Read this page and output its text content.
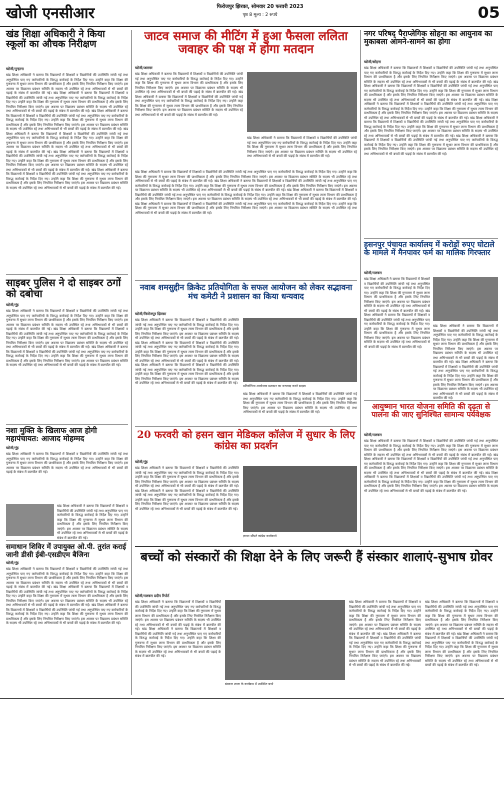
खोजी एनसीआर	फिरोजपुर झिरका, सोमवार 20 फरवरी 2023
पृष्ठ 8 मूल्य : 2 रुपये	05
खंड शिक्षा अधिकारी ने किया स्कूलों का औचक निरीक्षण
खोजी/पुन्हाना
खंड शिक्षा अधिकारी ने बताया कि विद्यालयों में शिक्षकों व विद्यार्थियों की उपस्थिति जांची गई तथा अनुपस्थित पाए गए कर्मचारियों के विरुद्ध कार्रवाई के निर्देश दिए गए। उन्होंने कहा कि शिक्षा की गुणवत्ता में सुधार लाना विभाग की प्राथमिकता है और इसके लिए नियमित निरीक्षण किए जाएंगे। इस अवसर पर विद्यालय प्रबंधन समिति के सदस्य भी उपस्थित रहे तथा अभिभावकों से भी बच्चों की पढ़ाई के संबंध में बातचीत की गई। खंड शिक्षा अधिकारी ने बताया कि विद्यालयों में शिक्षकों व विद्यार्थियों की उपस्थिति जांची गई तथा अनुपस्थित पाए गए कर्मचारियों के विरुद्ध कार्रवाई के निर्देश दिए गए। उन्होंने कहा कि शिक्षा की गुणवत्ता में सुधार लाना विभाग की प्राथमिकता है और इसके लिए नियमित निरीक्षण किए जाएंगे। इस अवसर पर विद्यालय प्रबंधन समिति के सदस्य भी उपस्थित रहे तथा अभिभावकों से भी बच्चों की पढ़ाई के संबंध में बातचीत की गई। खंड शिक्षा अधिकारी ने बताया कि विद्यालयों में शिक्षकों व विद्यार्थियों की उपस्थिति जांची गई तथा अनुपस्थित पाए गए कर्मचारियों के विरुद्ध कार्रवाई के निर्देश दिए गए। उन्होंने कहा कि शिक्षा की गुणवत्ता में सुधार लाना विभाग की प्राथमिकता है और इसके लिए नियमित निरीक्षण किए जाएंगे। इस अवसर पर विद्यालय प्रबंधन समिति के सदस्य भी उपस्थित रहे तथा अभिभावकों से भी बच्चों की पढ़ाई के संबंध में बातचीत की गई। खंड शिक्षा अधिकारी ने बताया कि विद्यालयों में शिक्षकों व विद्यार्थियों की उपस्थिति जांची गई तथा अनुपस्थित पाए गए कर्मचारियों के विरुद्ध कार्रवाई के निर्देश दिए गए। उन्होंने कहा कि शिक्षा की गुणवत्ता में सुधार लाना विभाग की प्राथमिकता है और इसके लिए नियमित निरीक्षण किए जाएंगे। इस अवसर पर विद्यालय प्रबंधन समिति के सदस्य भी उपस्थित रहे तथा अभिभावकों से भी बच्चों की पढ़ाई के संबंध में बातचीत की गई। खंड शिक्षा अधिकारी ने बताया कि विद्यालयों में शिक्षकों व विद्यार्थियों की उपस्थिति जांची गई तथा अनुपस्थित पाए गए कर्मचारियों के विरुद्ध कार्रवाई के निर्देश दिए गए। उन्होंने कहा कि शिक्षा की गुणवत्ता में सुधार लाना विभाग की प्राथमिकता है और इसके लिए नियमित निरीक्षण किए जाएंगे। इस अवसर पर विद्यालय प्रबंधन समिति के सदस्य भी उपस्थित रहे तथा अभिभावकों से भी बच्चों की पढ़ाई के संबंध में बातचीत की गई। खंड शिक्षा अधिकारी ने बताया कि विद्यालयों में शिक्षकों व विद्यार्थियों की उपस्थिति जांची गई तथा अनुपस्थित पाए गए कर्मचारियों के विरुद्ध कार्रवाई के निर्देश दिए गए। उन्होंने कहा कि शिक्षा की गुणवत्ता में सुधार लाना विभाग की प्राथमिकता है और इसके लिए नियमित निरीक्षण किए जाएंगे। इस अवसर पर विद्यालय प्रबंधन समिति के सदस्य भी उपस्थित रहे तथा अभिभावकों से भी बच्चों की पढ़ाई के संबंध में बातचीत की गई।
साइबर पुलिस ने दो साइबर ठगों को दबोचा
खोजी/नूंह
खंड शिक्षा अधिकारी ने बताया कि विद्यालयों में शिक्षकों व विद्यार्थियों की उपस्थिति जांची गई तथा अनुपस्थित पाए गए कर्मचारियों के विरुद्ध कार्रवाई के निर्देश दिए गए। उन्होंने कहा कि शिक्षा की गुणवत्ता में सुधार लाना विभाग की प्राथमिकता है और इसके लिए नियमित निरीक्षण किए जाएंगे। इस अवसर पर विद्यालय प्रबंधन समिति के सदस्य भी उपस्थित रहे तथा अभिभावकों से भी बच्चों की पढ़ाई के संबंध में बातचीत की गई। खंड शिक्षा अधिकारी ने बताया कि विद्यालयों में शिक्षकों व विद्यार्थियों की उपस्थिति जांची गई तथा अनुपस्थित पाए गए कर्मचारियों के विरुद्ध कार्रवाई के निर्देश दिए गए। उन्होंने कहा कि शिक्षा की गुणवत्ता में सुधार लाना विभाग की प्राथमिकता है और इसके लिए नियमित निरीक्षण किए जाएंगे। इस अवसर पर विद्यालय प्रबंधन समिति के सदस्य भी उपस्थित रहे तथा अभिभावकों से भी बच्चों की पढ़ाई के संबंध में बातचीत की गई। खंड शिक्षा अधिकारी ने बताया कि विद्यालयों में शिक्षकों व विद्यार्थियों की उपस्थिति जांची गई तथा अनुपस्थित पाए गए कर्मचारियों के विरुद्ध कार्रवाई के निर्देश दिए गए। उन्होंने कहा कि शिक्षा की गुणवत्ता में सुधार लाना विभाग की प्राथमिकता है और इसके लिए नियमित निरीक्षण किए जाएंगे। इस अवसर पर विद्यालय प्रबंधन समिति के सदस्य भी उपस्थित रहे तथा अभिभावकों से भी बच्चों की पढ़ाई के संबंध में बातचीत की गई।
नशा मुक्ति के खिलाफ आज होगी महापंचायत: आजाद मोहम्मद
खोजी/नूंह
खंड शिक्षा अधिकारी ने बताया कि विद्यालयों में शिक्षकों व विद्यार्थियों की उपस्थिति जांची गई तथा अनुपस्थित पाए गए कर्मचारियों के विरुद्ध कार्रवाई के निर्देश दिए गए। उन्होंने कहा कि शिक्षा की गुणवत्ता में सुधार लाना विभाग की प्राथमिकता है और इसके लिए नियमित निरीक्षण किए जाएंगे। इस अवसर पर विद्यालय प्रबंधन समिति के सदस्य भी उपस्थित रहे तथा अभिभावकों से भी बच्चों की पढ़ाई के संबंध में बातचीत की गई।
खंड शिक्षा अधिकारी ने बताया कि विद्यालयों में शिक्षकों व विद्यार्थियों की उपस्थिति जांची गई तथा अनुपस्थित पाए गए कर्मचारियों के विरुद्ध कार्रवाई के निर्देश दिए गए। उन्होंने कहा कि शिक्षा की गुणवत्ता में सुधार लाना विभाग की प्राथमिकता है और इसके लिए नियमित निरीक्षण किए जाएंगे। इस अवसर पर विद्यालय प्रबंधन समिति के सदस्य भी उपस्थित रहे तथा अभिभावकों से भी बच्चों की पढ़ाई के संबंध में बातचीत की गई।
समाधान शिविर में उपायुक्त ओ.पी. तुरांत कराई जानी डीसी ईबी-एसडीएम बैजिना
खोजी/नूंह
खंड शिक्षा अधिकारी ने बताया कि विद्यालयों में शिक्षकों व विद्यार्थियों की उपस्थिति जांची गई तथा अनुपस्थित पाए गए कर्मचारियों के विरुद्ध कार्रवाई के निर्देश दिए गए। उन्होंने कहा कि शिक्षा की गुणवत्ता में सुधार लाना विभाग की प्राथमिकता है और इसके लिए नियमित निरीक्षण किए जाएंगे। इस अवसर पर विद्यालय प्रबंधन समिति के सदस्य भी उपस्थित रहे तथा अभिभावकों से भी बच्चों की पढ़ाई के संबंध में बातचीत की गई। खंड शिक्षा अधिकारी ने बताया कि विद्यालयों में शिक्षकों व विद्यार्थियों की उपस्थिति जांची गई तथा अनुपस्थित पाए गए कर्मचारियों के विरुद्ध कार्रवाई के निर्देश दिए गए। उन्होंने कहा कि शिक्षा की गुणवत्ता में सुधार लाना विभाग की प्राथमिकता है और इसके लिए नियमित निरीक्षण किए जाएंगे। इस अवसर पर विद्यालय प्रबंधन समिति के सदस्य भी उपस्थित रहे तथा अभिभावकों से भी बच्चों की पढ़ाई के संबंध में बातचीत की गई। खंड शिक्षा अधिकारी ने बताया कि विद्यालयों में शिक्षकों व विद्यार्थियों की उपस्थिति जांची गई तथा अनुपस्थित पाए गए कर्मचारियों के विरुद्ध कार्रवाई के निर्देश दिए गए। उन्होंने कहा कि शिक्षा की गुणवत्ता में सुधार लाना विभाग की प्राथमिकता है और इसके लिए नियमित निरीक्षण किए जाएंगे। इस अवसर पर विद्यालय प्रबंधन समिति के सदस्य भी उपस्थित रहे तथा अभिभावकों से भी बच्चों की पढ़ाई के संबंध में बातचीत की गई।
जाटव समाज की मीटिंग में हुआ फैसला ललिता जवाहर की पक्ष में होगा मतदान
खोजी/अलवर
खंड शिक्षा अधिकारी ने बताया कि विद्यालयों में शिक्षकों व विद्यार्थियों की उपस्थिति जांची गई तथा अनुपस्थित पाए गए कर्मचारियों के विरुद्ध कार्रवाई के निर्देश दिए गए। उन्होंने कहा कि शिक्षा की गुणवत्ता में सुधार लाना विभाग की प्राथमिकता है और इसके लिए नियमित निरीक्षण किए जाएंगे। इस अवसर पर विद्यालय प्रबंधन समिति के सदस्य भी उपस्थित रहे तथा अभिभावकों से भी बच्चों की पढ़ाई के संबंध में बातचीत की गई। खंड शिक्षा अधिकारी ने बताया कि विद्यालयों में शिक्षकों व विद्यार्थियों की उपस्थिति जांची गई तथा अनुपस्थित पाए गए कर्मचारियों के विरुद्ध कार्रवाई के निर्देश दिए गए। उन्होंने कहा कि शिक्षा की गुणवत्ता में सुधार लाना विभाग की प्राथमिकता है और इसके लिए नियमित निरीक्षण किए जाएंगे। इस अवसर पर विद्यालय प्रबंधन समिति के सदस्य भी उपस्थित रहे तथा अभिभावकों से भी बच्चों की पढ़ाई के संबंध में बातचीत की गई।
खंड शिक्षा अधिकारी ने बताया कि विद्यालयों में शिक्षकों व विद्यार्थियों की उपस्थिति जांची गई तथा अनुपस्थित पाए गए कर्मचारियों के विरुद्ध कार्रवाई के निर्देश दिए गए। उन्होंने कहा कि शिक्षा की गुणवत्ता में सुधार लाना विभाग की प्राथमिकता है और इसके लिए नियमित निरीक्षण किए जाएंगे। इस अवसर पर विद्यालय प्रबंधन समिति के सदस्य भी उपस्थित रहे तथा अभिभावकों से भी बच्चों की पढ़ाई के संबंध में बातचीत की गई।
खंड शिक्षा अधिकारी ने बताया कि विद्यालयों में शिक्षकों व विद्यार्थियों की उपस्थिति जांची गई तथा अनुपस्थित पाए गए कर्मचारियों के विरुद्ध कार्रवाई के निर्देश दिए गए। उन्होंने कहा कि शिक्षा की गुणवत्ता में सुधार लाना विभाग की प्राथमिकता है और इसके लिए नियमित निरीक्षण किए जाएंगे। इस अवसर पर विद्यालय प्रबंधन समिति के सदस्य भी उपस्थित रहे तथा अभिभावकों से भी बच्चों की पढ़ाई के संबंध में बातचीत की गई। खंड शिक्षा अधिकारी ने बताया कि विद्यालयों में शिक्षकों व विद्यार्थियों की उपस्थिति जांची गई तथा अनुपस्थित पाए गए कर्मचारियों के विरुद्ध कार्रवाई के निर्देश दिए गए। उन्होंने कहा कि शिक्षा की गुणवत्ता में सुधार लाना विभाग की प्राथमिकता है और इसके लिए नियमित निरीक्षण किए जाएंगे। इस अवसर पर विद्यालय प्रबंधन समिति के सदस्य भी उपस्थित रहे तथा अभिभावकों से भी बच्चों की पढ़ाई के संबंध में बातचीत की गई। खंड शिक्षा अधिकारी ने बताया कि विद्यालयों में शिक्षकों व विद्यार्थियों की उपस्थिति जांची गई तथा अनुपस्थित पाए गए कर्मचारियों के विरुद्ध कार्रवाई के निर्देश दिए गए। उन्होंने कहा कि शिक्षा की गुणवत्ता में सुधार लाना विभाग की प्राथमिकता है और इसके लिए नियमित निरीक्षण किए जाएंगे। इस अवसर पर विद्यालय प्रबंधन समिति के सदस्य भी उपस्थित रहे तथा अभिभावकों से भी बच्चों की पढ़ाई के संबंध में बातचीत की गई। खंड शिक्षा अधिकारी ने बताया कि विद्यालयों में शिक्षकों व विद्यार्थियों की उपस्थिति जांची गई तथा अनुपस्थित पाए गए कर्मचारियों के विरुद्ध कार्रवाई के निर्देश दिए गए। उन्होंने कहा कि शिक्षा की गुणवत्ता में सुधार लाना विभाग की प्राथमिकता है और इसके लिए नियमित निरीक्षण किए जाएंगे। इस अवसर पर विद्यालय प्रबंधन समिति के सदस्य भी उपस्थित रहे तथा अभिभावकों से भी बच्चों की पढ़ाई के संबंध में बातचीत की गई।
नवाब शमसुद्दीन क्रिकेट प्रतियोगिता के सफल आयोजन को लेकर सद्भावना मंच कमेटी ने प्रशासन का किया धन्यवाद
खोजी/फिरोजपुर झिरका
खंड शिक्षा अधिकारी ने बताया कि विद्यालयों में शिक्षकों व विद्यार्थियों की उपस्थिति जांची गई तथा अनुपस्थित पाए गए कर्मचारियों के विरुद्ध कार्रवाई के निर्देश दिए गए। उन्होंने कहा कि शिक्षा की गुणवत्ता में सुधार लाना विभाग की प्राथमिकता है और इसके लिए नियमित निरीक्षण किए जाएंगे। इस अवसर पर विद्यालय प्रबंधन समिति के सदस्य भी उपस्थित रहे तथा अभिभावकों से भी बच्चों की पढ़ाई के संबंध में बातचीत की गई। खंड शिक्षा अधिकारी ने बताया कि विद्यालयों में शिक्षकों व विद्यार्थियों की उपस्थिति जांची गई तथा अनुपस्थित पाए गए कर्मचारियों के विरुद्ध कार्रवाई के निर्देश दिए गए। उन्होंने कहा कि शिक्षा की गुणवत्ता में सुधार लाना विभाग की प्राथमिकता है और इसके लिए नियमित निरीक्षण किए जाएंगे। इस अवसर पर विद्यालय प्रबंधन समिति के सदस्य भी उपस्थित रहे तथा अभिभावकों से भी बच्चों की पढ़ाई के संबंध में बातचीत की गई। खंड शिक्षा अधिकारी ने बताया कि विद्यालयों में शिक्षकों व विद्यार्थियों की उपस्थिति जांची गई तथा अनुपस्थित पाए गए कर्मचारियों के विरुद्ध कार्रवाई के निर्देश दिए गए। उन्होंने कहा कि शिक्षा की गुणवत्ता में सुधार लाना विभाग की प्राथमिकता है और इसके लिए नियमित निरीक्षण किए जाएंगे। इस अवसर पर विद्यालय प्रबंधन समिति के सदस्य भी उपस्थित रहे तथा अभिभावकों से भी बच्चों की पढ़ाई के संबंध में बातचीत की गई।
प्रतियोगिता आयोजक प्रशासन का धन्यवाद करते सदस्य
खंड शिक्षा अधिकारी ने बताया कि विद्यालयों में शिक्षकों व विद्यार्थियों की उपस्थिति जांची गई तथा अनुपस्थित पाए गए कर्मचारियों के विरुद्ध कार्रवाई के निर्देश दिए गए। उन्होंने कहा कि शिक्षा की गुणवत्ता में सुधार लाना विभाग की प्राथमिकता है और इसके लिए नियमित निरीक्षण किए जाएंगे। इस अवसर पर विद्यालय प्रबंधन समिति के सदस्य भी उपस्थित रहे तथा अभिभावकों से भी बच्चों की पढ़ाई के संबंध में बातचीत की गई।
20 फरवरी को हसन खान मेडिकल कॉलेज में सुधार के लिए कांग्रेस का प्रदर्शन
खोजी/नूंह
खंड शिक्षा अधिकारी ने बताया कि विद्यालयों में शिक्षकों व विद्यार्थियों की उपस्थिति जांची गई तथा अनुपस्थित पाए गए कर्मचारियों के विरुद्ध कार्रवाई के निर्देश दिए गए। उन्होंने कहा कि शिक्षा की गुणवत्ता में सुधार लाना विभाग की प्राथमिकता है और इसके लिए नियमित निरीक्षण किए जाएंगे। इस अवसर पर विद्यालय प्रबंधन समिति के सदस्य भी उपस्थित रहे तथा अभिभावकों से भी बच्चों की पढ़ाई के संबंध में बातचीत की गई। खंड शिक्षा अधिकारी ने बताया कि विद्यालयों में शिक्षकों व विद्यार्थियों की उपस्थिति जांची गई तथा अनुपस्थित पाए गए कर्मचारियों के विरुद्ध कार्रवाई के निर्देश दिए गए। उन्होंने कहा कि शिक्षा की गुणवत्ता में सुधार लाना विभाग की प्राथमिकता है और इसके लिए नियमित निरीक्षण किए जाएंगे। इस अवसर पर विद्यालय प्रबंधन समिति के सदस्य भी उपस्थित रहे तथा अभिभावकों से भी बच्चों की पढ़ाई के संबंध में बातचीत की गई।
ज्ञापन सौंपते कांग्रेस कार्यकर्ता
नगर परिषद् पैराप्लेगिक सोहना का आयुनाव का मुकाबला आमने-सामने का होगा
खोजी/सोहना
खंड शिक्षा अधिकारी ने बताया कि विद्यालयों में शिक्षकों व विद्यार्थियों की उपस्थिति जांची गई तथा अनुपस्थित पाए गए कर्मचारियों के विरुद्ध कार्रवाई के निर्देश दिए गए। उन्होंने कहा कि शिक्षा की गुणवत्ता में सुधार लाना विभाग की प्राथमिकता है और इसके लिए नियमित निरीक्षण किए जाएंगे। इस अवसर पर विद्यालय प्रबंधन समिति के सदस्य भी उपस्थित रहे तथा अभिभावकों से भी बच्चों की पढ़ाई के संबंध में बातचीत की गई। खंड शिक्षा अधिकारी ने बताया कि विद्यालयों में शिक्षकों व विद्यार्थियों की उपस्थिति जांची गई तथा अनुपस्थित पाए गए कर्मचारियों के विरुद्ध कार्रवाई के निर्देश दिए गए। उन्होंने कहा कि शिक्षा की गुणवत्ता में सुधार लाना विभाग की प्राथमिकता है और इसके लिए नियमित निरीक्षण किए जाएंगे। इस अवसर पर विद्यालय प्रबंधन समिति के सदस्य भी उपस्थित रहे तथा अभिभावकों से भी बच्चों की पढ़ाई के संबंध में बातचीत की गई। खंड शिक्षा अधिकारी ने बताया कि विद्यालयों में शिक्षकों व विद्यार्थियों की उपस्थिति जांची गई तथा अनुपस्थित पाए गए कर्मचारियों के विरुद्ध कार्रवाई के निर्देश दिए गए। उन्होंने कहा कि शिक्षा की गुणवत्ता में सुधार लाना विभाग की प्राथमिकता है और इसके लिए नियमित निरीक्षण किए जाएंगे। इस अवसर पर विद्यालय प्रबंधन समिति के सदस्य भी उपस्थित रहे तथा अभिभावकों से भी बच्चों की पढ़ाई के संबंध में बातचीत की गई। खंड शिक्षा अधिकारी ने बताया कि विद्यालयों में शिक्षकों व विद्यार्थियों की उपस्थिति जांची गई तथा अनुपस्थित पाए गए कर्मचारियों के विरुद्ध कार्रवाई के निर्देश दिए गए। उन्होंने कहा कि शिक्षा की गुणवत्ता में सुधार लाना विभाग की प्राथमिकता है और इसके लिए नियमित निरीक्षण किए जाएंगे। इस अवसर पर विद्यालय प्रबंधन समिति के सदस्य भी उपस्थित रहे तथा अभिभावकों से भी बच्चों की पढ़ाई के संबंध में बातचीत की गई। खंड शिक्षा अधिकारी ने बताया कि विद्यालयों में शिक्षकों व विद्यार्थियों की उपस्थिति जांची गई तथा अनुपस्थित पाए गए कर्मचारियों के विरुद्ध कार्रवाई के निर्देश दिए गए। उन्होंने कहा कि शिक्षा की गुणवत्ता में सुधार लाना विभाग की प्राथमिकता है और इसके लिए नियमित निरीक्षण किए जाएंगे। इस अवसर पर विद्यालय प्रबंधन समिति के सदस्य भी उपस्थित रहे तथा अभिभावकों से भी बच्चों की पढ़ाई के संबंध में बातचीत की गई।
हसनपुर पंचायत कार्यालय में करोड़ों रुपए घोटाले के मामले में मैनपावर फर्म का मालिक गिरफ्तार
खोजी/पलवल
खंड शिक्षा अधिकारी ने बताया कि विद्यालयों में शिक्षकों व विद्यार्थियों की उपस्थिति जांची गई तथा अनुपस्थित पाए गए कर्मचारियों के विरुद्ध कार्रवाई के निर्देश दिए गए। उन्होंने कहा कि शिक्षा की गुणवत्ता में सुधार लाना विभाग की प्राथमिकता है और इसके लिए नियमित निरीक्षण किए जाएंगे। इस अवसर पर विद्यालय प्रबंधन समिति के सदस्य भी उपस्थित रहे तथा अभिभावकों से भी बच्चों की पढ़ाई के संबंध में बातचीत की गई। खंड शिक्षा अधिकारी ने बताया कि विद्यालयों में शिक्षकों व विद्यार्थियों की उपस्थिति जांची गई तथा अनुपस्थित पाए गए कर्मचारियों के विरुद्ध कार्रवाई के निर्देश दिए गए। उन्होंने कहा कि शिक्षा की गुणवत्ता में सुधार लाना विभाग की प्राथमिकता है और इसके लिए नियमित निरीक्षण किए जाएंगे। इस अवसर पर विद्यालय प्रबंधन समिति के सदस्य भी उपस्थित रहे तथा अभिभावकों से भी बच्चों की पढ़ाई के संबंध में बातचीत की गई।
खंड शिक्षा अधिकारी ने बताया कि विद्यालयों में शिक्षकों व विद्यार्थियों की उपस्थिति जांची गई तथा अनुपस्थित पाए गए कर्मचारियों के विरुद्ध कार्रवाई के निर्देश दिए गए। उन्होंने कहा कि शिक्षा की गुणवत्ता में सुधार लाना विभाग की प्राथमिकता है और इसके लिए नियमित निरीक्षण किए जाएंगे। इस अवसर पर विद्यालय प्रबंधन समिति के सदस्य भी उपस्थित रहे तथा अभिभावकों से भी बच्चों की पढ़ाई के संबंध में बातचीत की गई। खंड शिक्षा अधिकारी ने बताया कि विद्यालयों में शिक्षकों व विद्यार्थियों की उपस्थिति जांची गई तथा अनुपस्थित पाए गए कर्मचारियों के विरुद्ध कार्रवाई के निर्देश दिए गए। उन्होंने कहा कि शिक्षा की गुणवत्ता में सुधार लाना विभाग की प्राथमिकता है और इसके लिए नियमित निरीक्षण किए जाएंगे। इस अवसर पर विद्यालय प्रबंधन समिति के सदस्य भी उपस्थित रहे तथा अभिभावकों से भी बच्चों की पढ़ाई के संबंध में बातचीत की गई।
आयुष्मान भारत योजना समिति की दृढ़ता से पालना की जाए सुनिश्चित सामान्य पर्यवेक्षक
खोजी/पलवल
खंड शिक्षा अधिकारी ने बताया कि विद्यालयों में शिक्षकों व विद्यार्थियों की उपस्थिति जांची गई तथा अनुपस्थित पाए गए कर्मचारियों के विरुद्ध कार्रवाई के निर्देश दिए गए। उन्होंने कहा कि शिक्षा की गुणवत्ता में सुधार लाना विभाग की प्राथमिकता है और इसके लिए नियमित निरीक्षण किए जाएंगे। इस अवसर पर विद्यालय प्रबंधन समिति के सदस्य भी उपस्थित रहे तथा अभिभावकों से भी बच्चों की पढ़ाई के संबंध में बातचीत की गई। खंड शिक्षा अधिकारी ने बताया कि विद्यालयों में शिक्षकों व विद्यार्थियों की उपस्थिति जांची गई तथा अनुपस्थित पाए गए कर्मचारियों के विरुद्ध कार्रवाई के निर्देश दिए गए। उन्होंने कहा कि शिक्षा की गुणवत्ता में सुधार लाना विभाग की प्राथमिकता है और इसके लिए नियमित निरीक्षण किए जाएंगे। इस अवसर पर विद्यालय प्रबंधन समिति के सदस्य भी उपस्थित रहे तथा अभिभावकों से भी बच्चों की पढ़ाई के संबंध में बातचीत की गई। खंड शिक्षा अधिकारी ने बताया कि विद्यालयों में शिक्षकों व विद्यार्थियों की उपस्थिति जांची गई तथा अनुपस्थित पाए गए कर्मचारियों के विरुद्ध कार्रवाई के निर्देश दिए गए। उन्होंने कहा कि शिक्षा की गुणवत्ता में सुधार लाना विभाग की प्राथमिकता है और इसके लिए नियमित निरीक्षण किए जाएंगे। इस अवसर पर विद्यालय प्रबंधन समिति के सदस्य भी उपस्थित रहे तथा अभिभावकों से भी बच्चों की पढ़ाई के संबंध में बातचीत की गई।
बच्चों को संस्कारों की शिक्षा देने के लिए जरूरी हैं संस्कार शालाएं-सुभाष ग्रोवर
खोजी/पलवल प्रदीप रिपोर्ट
खंड शिक्षा अधिकारी ने बताया कि विद्यालयों में शिक्षकों व विद्यार्थियों की उपस्थिति जांची गई तथा अनुपस्थित पाए गए कर्मचारियों के विरुद्ध कार्रवाई के निर्देश दिए गए। उन्होंने कहा कि शिक्षा की गुणवत्ता में सुधार लाना विभाग की प्राथमिकता है और इसके लिए नियमित निरीक्षण किए जाएंगे। इस अवसर पर विद्यालय प्रबंधन समिति के सदस्य भी उपस्थित रहे तथा अभिभावकों से भी बच्चों की पढ़ाई के संबंध में बातचीत की गई। खंड शिक्षा अधिकारी ने बताया कि विद्यालयों में शिक्षकों व विद्यार्थियों की उपस्थिति जांची गई तथा अनुपस्थित पाए गए कर्मचारियों के विरुद्ध कार्रवाई के निर्देश दिए गए। उन्होंने कहा कि शिक्षा की गुणवत्ता में सुधार लाना विभाग की प्राथमिकता है और इसके लिए नियमित निरीक्षण किए जाएंगे। इस अवसर पर विद्यालय प्रबंधन समिति के सदस्य भी उपस्थित रहे तथा अभिभावकों से भी बच्चों की पढ़ाई के संबंध में बातचीत की गई।
संस्कार शाला के कार्यक्रम में उपस्थित बच्चे
खंड शिक्षा अधिकारी ने बताया कि विद्यालयों में शिक्षकों व विद्यार्थियों की उपस्थिति जांची गई तथा अनुपस्थित पाए गए कर्मचारियों के विरुद्ध कार्रवाई के निर्देश दिए गए। उन्होंने कहा कि शिक्षा की गुणवत्ता में सुधार लाना विभाग की प्राथमिकता है और इसके लिए नियमित निरीक्षण किए जाएंगे। इस अवसर पर विद्यालय प्रबंधन समिति के सदस्य भी उपस्थित रहे तथा अभिभावकों से भी बच्चों की पढ़ाई के संबंध में बातचीत की गई। खंड शिक्षा अधिकारी ने बताया कि विद्यालयों में शिक्षकों व विद्यार्थियों की उपस्थिति जांची गई तथा अनुपस्थित पाए गए कर्मचारियों के विरुद्ध कार्रवाई के निर्देश दिए गए। उन्होंने कहा कि शिक्षा की गुणवत्ता में सुधार लाना विभाग की प्राथमिकता है और इसके लिए नियमित निरीक्षण किए जाएंगे। इस अवसर पर विद्यालय प्रबंधन समिति के सदस्य भी उपस्थित रहे तथा अभिभावकों से भी बच्चों की पढ़ाई के संबंध में बातचीत की गई।
खंड शिक्षा अधिकारी ने बताया कि विद्यालयों में शिक्षकों व विद्यार्थियों की उपस्थिति जांची गई तथा अनुपस्थित पाए गए कर्मचारियों के विरुद्ध कार्रवाई के निर्देश दिए गए। उन्होंने कहा कि शिक्षा की गुणवत्ता में सुधार लाना विभाग की प्राथमिकता है और इसके लिए नियमित निरीक्षण किए जाएंगे। इस अवसर पर विद्यालय प्रबंधन समिति के सदस्य भी उपस्थित रहे तथा अभिभावकों से भी बच्चों की पढ़ाई के संबंध में बातचीत की गई। खंड शिक्षा अधिकारी ने बताया कि विद्यालयों में शिक्षकों व विद्यार्थियों की उपस्थिति जांची गई तथा अनुपस्थित पाए गए कर्मचारियों के विरुद्ध कार्रवाई के निर्देश दिए गए। उन्होंने कहा कि शिक्षा की गुणवत्ता में सुधार लाना विभाग की प्राथमिकता है और इसके लिए नियमित निरीक्षण किए जाएंगे। इस अवसर पर विद्यालय प्रबंधन समिति के सदस्य भी उपस्थित रहे तथा अभिभावकों से भी बच्चों की पढ़ाई के संबंध में बातचीत की गई।
